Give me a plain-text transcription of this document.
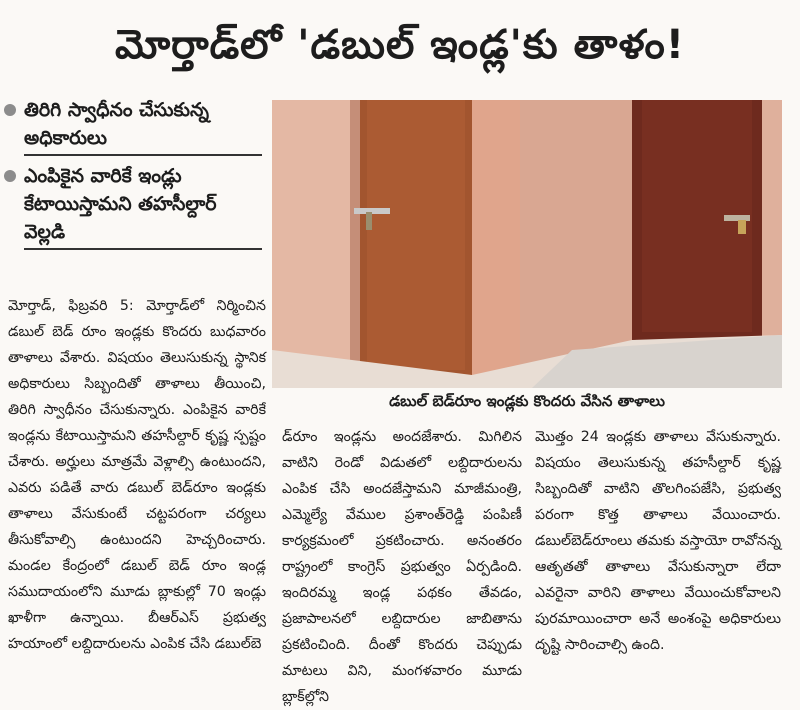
మోర్తాడ్‌లో 'డబుల్ ఇండ్ల'కు తాళం!
తిరిగి స్వాధీనం చేసుకున్న అధికారులు
ఎంపికైన వారికే ఇండ్లు కేటాయిస్తామని తహసీల్దార్ వెల్లడి
డబుల్ బెడ్‌రూం ఇండ్లకు కొందరు వేసిన తాళాలు

మోర్తాడ్, ఫిబ్రవరి 5: మోర్తాడ్‌లో నిర్మించిన డబుల్ బెడ్ రూం ఇండ్లకు కొందరు బుధవారం తాళాలు వేశారు. విషయం తెలుసుకున్న స్థానిక అధికారులు సిబ్బందితో తాళాలు తీయించి, తిరిగి స్వాధీనం చేసుకున్నారు. ఎంపికైన వారికే ఇండ్లను కేటాయిస్తామని తహసీల్దార్ కృష్ణ స్పష్టం చేశారు. అర్హులు మాత్రమే వెళ్లాల్సి ఉంటుందని, ఎవరు పడితే వారు డబుల్ బెడ్‌రూం ఇండ్లకు తాళాలు వేసుకుంటే చట్టపరంగా చర్యలు తీసుకోవాల్సి ఉంటుందని హెచ్చరించారు. మండల కేంద్రంలో డబుల్ బెడ్ రూం ఇండ్ల సముదాయంలోని మూడు బ్లాకుల్లో 70 ఇండ్లు ఖాళీగా ఉన్నాయి. బీఆర్ఎస్ ప్రభుత్వ హయాంలో లబ్దిదారులను ఎంపిక చేసి డబుల్‌బె

డ్‌రూం ఇండ్లను అందజేశారు. మిగిలిన వాటిని రెండో విడుతలో లబ్దిదారులను ఎంపిక చేసి అందజేస్తామని మాజీమంత్రి, ఎమ్మెల్యే వేముల ప్రశాంత్‌రెడ్డి పంపిణీ కార్యక్రమంలో ప్రకటించారు. అనంతరం రాష్ట్రంలో కాంగ్రెస్ ప్రభుత్వం ఏర్పడింది. ఇందిరమ్మ ఇండ్ల పథకం తేవడం, ప్రజాపాలనలో లబ్దిదారుల జాబితాను ప్రకటించింది. దీంతో కొందరు చెప్పుడు మాటలు విని, మంగళవారం మూడు బ్లాక్‌ల్లోని

మొత్తం 24 ఇండ్లకు తాళాలు వేసుకున్నారు. విషయం తెలుసుకున్న తహసీల్దార్ కృష్ణ సిబ్బందితో వాటిని తొలగింపజేసి, ప్రభుత్వ పరంగా కొత్త తాళాలు వేయించారు. డబుల్‌బెడ్‌రూంలు తమకు వస్తాయో రావోనన్న ఆతృతతో తాళాలు వేసుకున్నారా లేదా ఎవరైనా వారిని తాళాలు వేయించుకోవాలని పురమాయించారా అనే అంశంపై అధికారులు దృష్టి సారించాల్సి ఉంది.
